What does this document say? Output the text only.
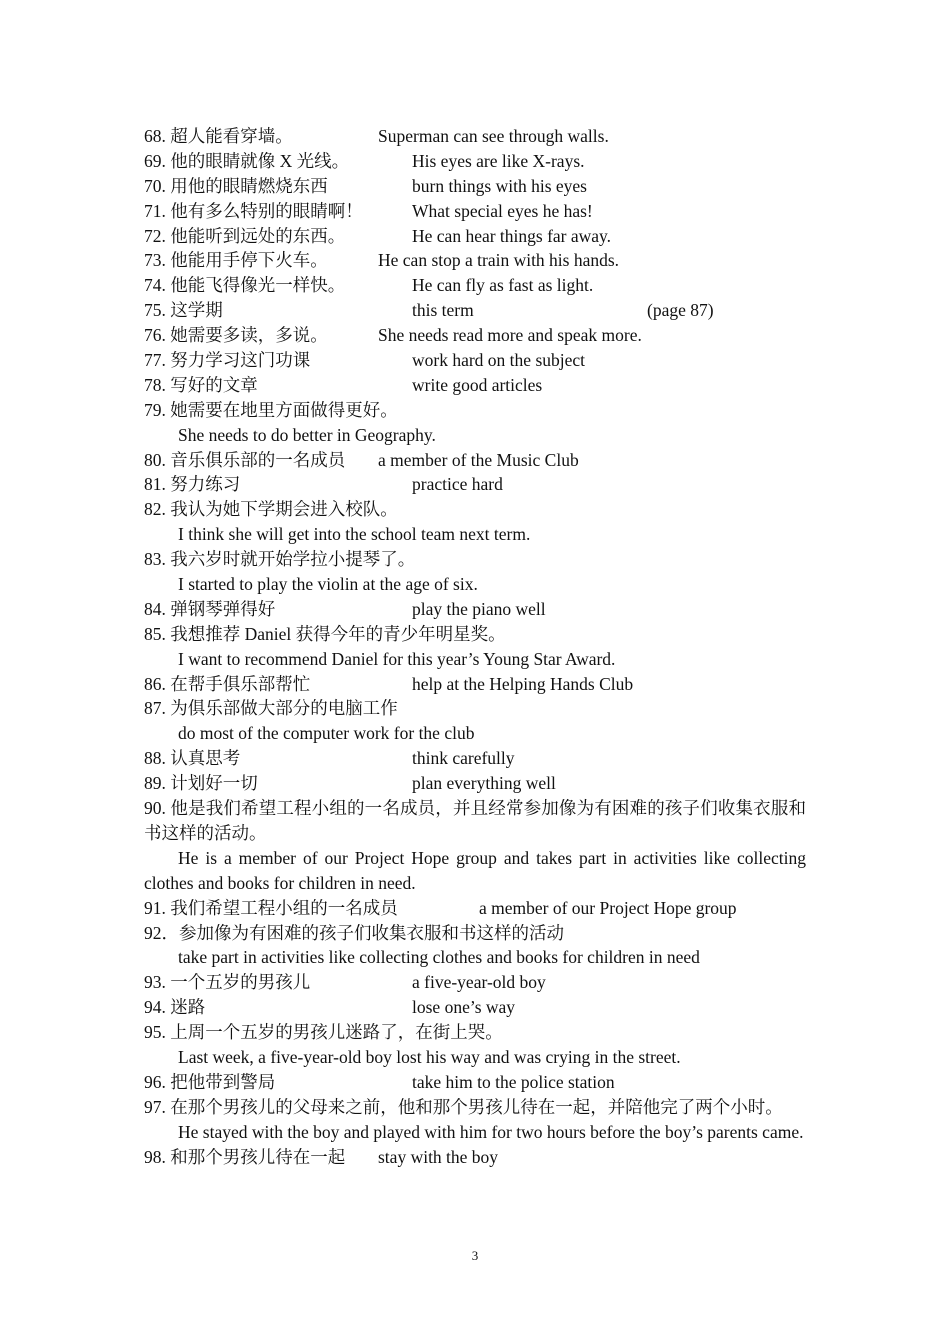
68. 超人能看穿墙。	Superman can see through walls.
69. 他的眼睛就像 X 光线。	His eyes are like X-rays.
70. 用他的眼睛燃烧东西	burn things with his eyes
71. 他有多么特别的眼睛啊！	What special eyes he has!
72. 他能听到远处的东西。	He can hear things far away.
73. 他能用手停下火车。	He can stop a train with his hands.
74. 他能飞得像光一样快。	He can fly as fast as light.
75. 这学期	this term	(page 87)
76. 她需要多读，多说。	She needs read more and speak more.
77. 努力学习这门功课	work hard on the subject
78. 写好的文章	write good articles
79. 她需要在地里方面做得更好。
She needs to do better in Geography.
80. 音乐俱乐部的一名成员 a member of the Music Club
81. 努力练习	practice hard
82. 我认为她下学期会进入校队。
I think she will get into the school team next term.
83. 我六岁时就开始学拉小提琴了。
I started to play the violin at the age of six.
84. 弹钢琴弹得好	play the piano well
85. 我想推荐 Daniel 获得今年的青少年明星奖。
I want to recommend Daniel for this year’s Young Star Award.
86. 在帮手俱乐部帮忙	help at the Helping Hands Club
87. 为俱乐部做大部分的电脑工作
do most of the computer work for the club
88. 认真思考	think carefully
89. 计划好一切	plan everything well
90. 他是我们希望工程小组的一名成员，并且经常参加像为有困难的孩子们收集衣服和书这样的活动。
He is a member of our Project Hope group and takes part in activities like collecting clothes and books for children in need.
91. 我们希望工程小组的一名成员	a member of our Project Hope group
92．参加像为有困难的孩子们收集衣服和书这样的活动
take part in activities like collecting clothes and books for children in need
93. 一个五岁的男孩儿	a five-year-old boy
94. 迷路	lose one’s way
95. 上周一个五岁的男孩儿迷路了，在街上哭。
Last week, a five-year-old boy lost his way and was crying in the street.
96. 把他带到警局	take him to the police station
97. 在那个男孩儿的父母来之前，他和那个男孩儿待在一起，并陪他完了两个小时。
He stayed with the boy and played with him for two hours before the boy’s parents came.
98. 和那个男孩儿待在一起 stay with the boy
3
